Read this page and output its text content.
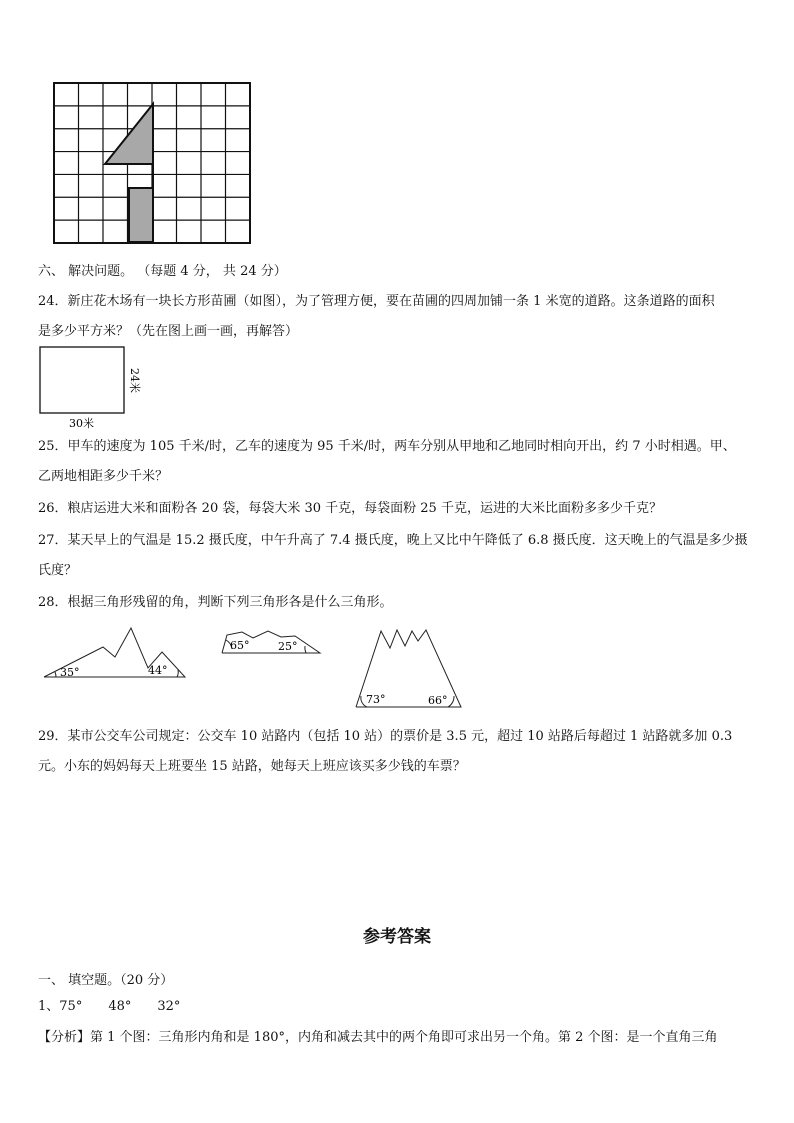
六、 解决问题。 （每题 4 分， 共 24 分）
24．新庄花木场有一块长方形苗圃（如图），为了管理方便，要在苗圃的四周加铺一条 1 米宽的道路。这条道路的面积
是多少平方米？（先在图上画一画，再解答）
30米
24米
25．甲车的速度为 105 千米/时，乙车的速度为 95 千米/时，两车分别从甲地和乙地同时相向开出，约 7 小时相遇。甲、
乙两地相距多少千米？
26．粮店运进大米和面粉各 20 袋，每袋大米 30 千克，每袋面粉 25 千克，运进的大米比面粉多多少千克？
27．某天早上的气温是 15.2 摄氏度，中午升高了 7.4 摄氏度，晚上又比中午降低了 6.8 摄氏度．这天晚上的气温是多少摄
氏度？
28．根据三角形残留的角，判断下列三角形各是什么三角形。
35°	44°
65°	25°
73°	66°
29．某市公交车公司规定：公交车 10 站路内（包括 10 站）的票价是 3.5 元，超过 10 站路后每超过 1 站路就多加 0.3
元。小东的妈妈每天上班要坐 15 站路，她每天上班应该买多少钱的车票？
参考答案
一、 填空题。（20 分）
1、75°　　48°　　32°
【分析】第 1 个图：三角形内角和是 180°，内角和减去其中的两个角即可求出另一个角。第 2 个图：是一个直角三角
